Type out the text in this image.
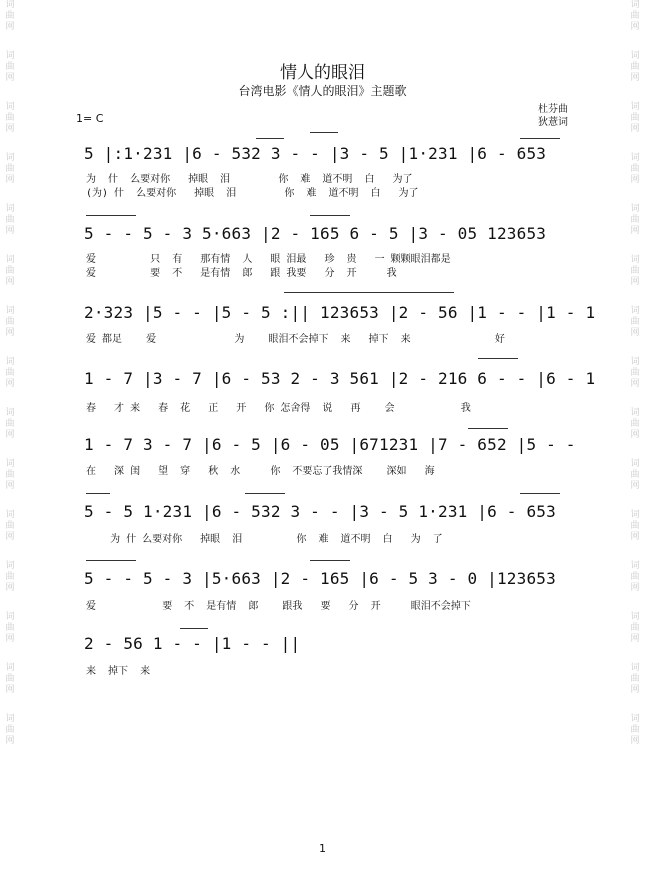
词曲网
词曲网
词曲网
词曲网
词曲网
词曲网
词曲网
词曲网
词曲网
词曲网
词曲网
词曲网
词曲网
词曲网
词曲网
词曲网
词曲网
词曲网
词曲网
词曲网
词曲网
词曲网
词曲网
词曲网
词曲网
词曲网
词曲网
词曲网
词曲网
词曲网
情人的眼泪
台湾电影《情人的眼泪》主题歌
杜芬曲
狄薏词
1= C
5 |:1·231 |6 - 532 3 - - |3 - 5 |1·231 |6 - 653
为  什  么要对你   掉眼  泪        你  难  道不明  白   为了
(为) 什  么要对你   掉眼  泪        你  难  道不明  白   为了
5 - - 5 - 3 5·663 |2 - 165 6 - 5 |3 - 05 123653
爱         只  有   那有情  人   眼 泪最   珍  贵   一 颗颗眼泪都是
爱         要  不   是有情  郎   跟 我要   分  开     我
2·323 |5 - - |5 - 5 :|| 123653 |2 - 56 |1 - - |1 - 1
爱 都足    爱             为    眼泪不会掉下  来   掉下  来              好
1 - 7 |3 - 7 |6 - 53 2 - 3 561 |2 - 216 6 - - |6 - 1
春   才 来   春  花   正   开   你 怎舍得  说   再    会           我
1 - 7 3 - 7 |6 - 5 |6 - 05 |671231 |7 - 652 |5 - -
在   深 闺   望  穿   秋  水     你  不要忘了我情深    深如   海
5 - 5 1·231 |6 - 532 3 - - |3 - 5 1·231 |6 - 653
为 什 么要对你   掉眼  泪         你  难  道不明  白   为  了
5 - - 5 - 3 |5·663 |2 - 165 |6 - 5 3 - 0 |123653
爱           要  不  是有情  郎    跟我   要   分  开     眼泪不会掉下
2 - 56 1 - - |1 - - ||
来  掉下  来
1
